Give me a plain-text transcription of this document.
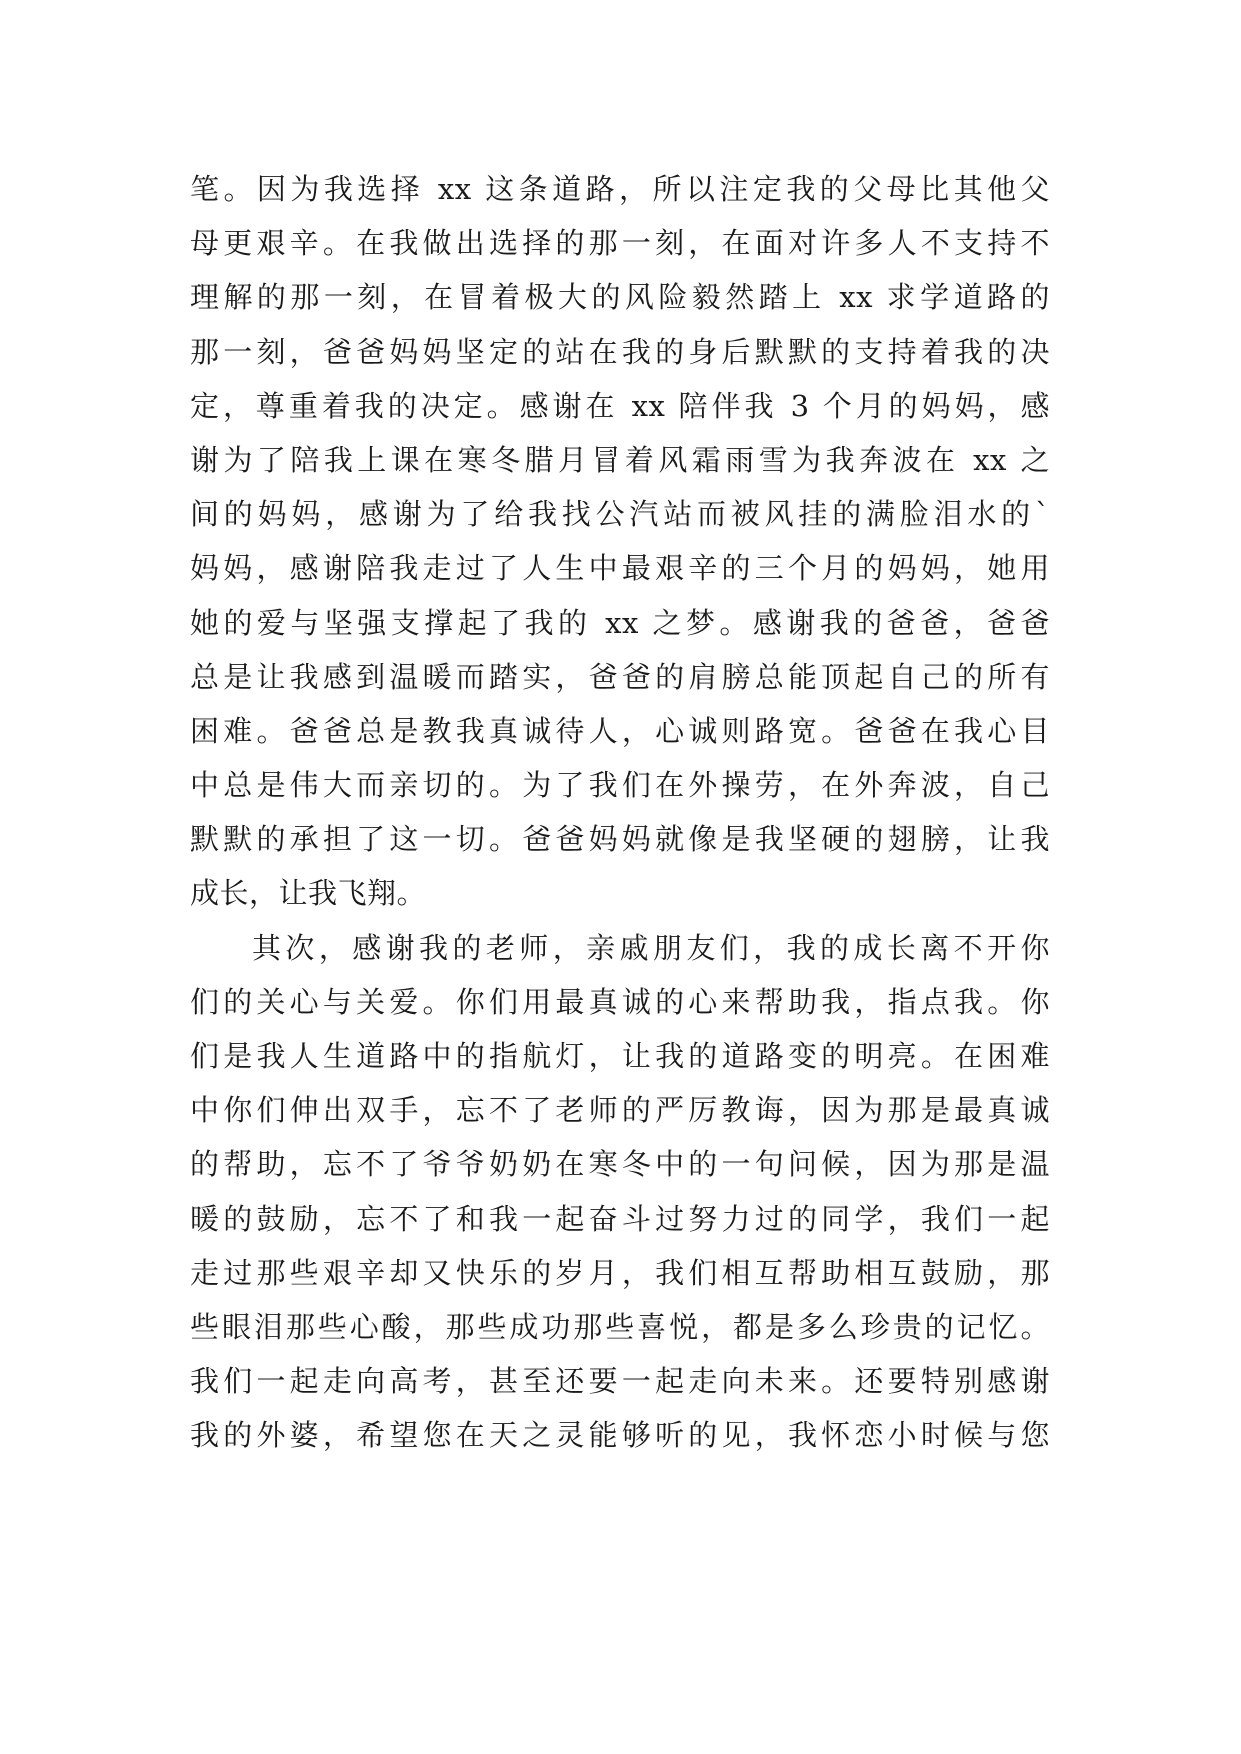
笔。因为我选择 xx 这条道路，所以注定我的父母比其他父
母更艰辛。在我做出选择的那一刻，在面对许多人不支持不
理解的那一刻，在冒着极大的风险毅然踏上 xx 求学道路的
那一刻，爸爸妈妈坚定的站在我的身后默默的支持着我的决
定，尊重着我的决定。感谢在 xx 陪伴我 3 个月的妈妈，感
谢为了陪我上课在寒冬腊月冒着风霜雨雪为我奔波在 xx 之
间的妈妈，感谢为了给我找公汽站而被风挂的满脸泪水的`
妈妈，感谢陪我走过了人生中最艰辛的三个月的妈妈，她用
她的爱与坚强支撑起了我的 xx 之梦。感谢我的爸爸，爸爸
总是让我感到温暖而踏实，爸爸的肩膀总能顶起自己的所有
困难。爸爸总是教我真诚待人，心诚则路宽。爸爸在我心目
中总是伟大而亲切的。为了我们在外操劳，在外奔波，自己
默默的承担了这一切。爸爸妈妈就像是我坚硬的翅膀，让我
成长，让我飞翔。
其次，感谢我的老师，亲戚朋友们，我的成长离不开你
们的关心与关爱。你们用最真诚的心来帮助我，指点我。你
们是我人生道路中的指航灯，让我的道路变的明亮。在困难
中你们伸出双手，忘不了老师的严厉教诲，因为那是最真诚
的帮助，忘不了爷爷奶奶在寒冬中的一句问候，因为那是温
暖的鼓励，忘不了和我一起奋斗过努力过的同学，我们一起
走过那些艰辛却又快乐的岁月，我们相互帮助相互鼓励，那
些眼泪那些心酸，那些成功那些喜悦，都是多么珍贵的记忆。
我们一起走向高考，甚至还要一起走向未来。还要特别感谢
我的外婆，希望您在天之灵能够听的见，我怀恋小时候与您
